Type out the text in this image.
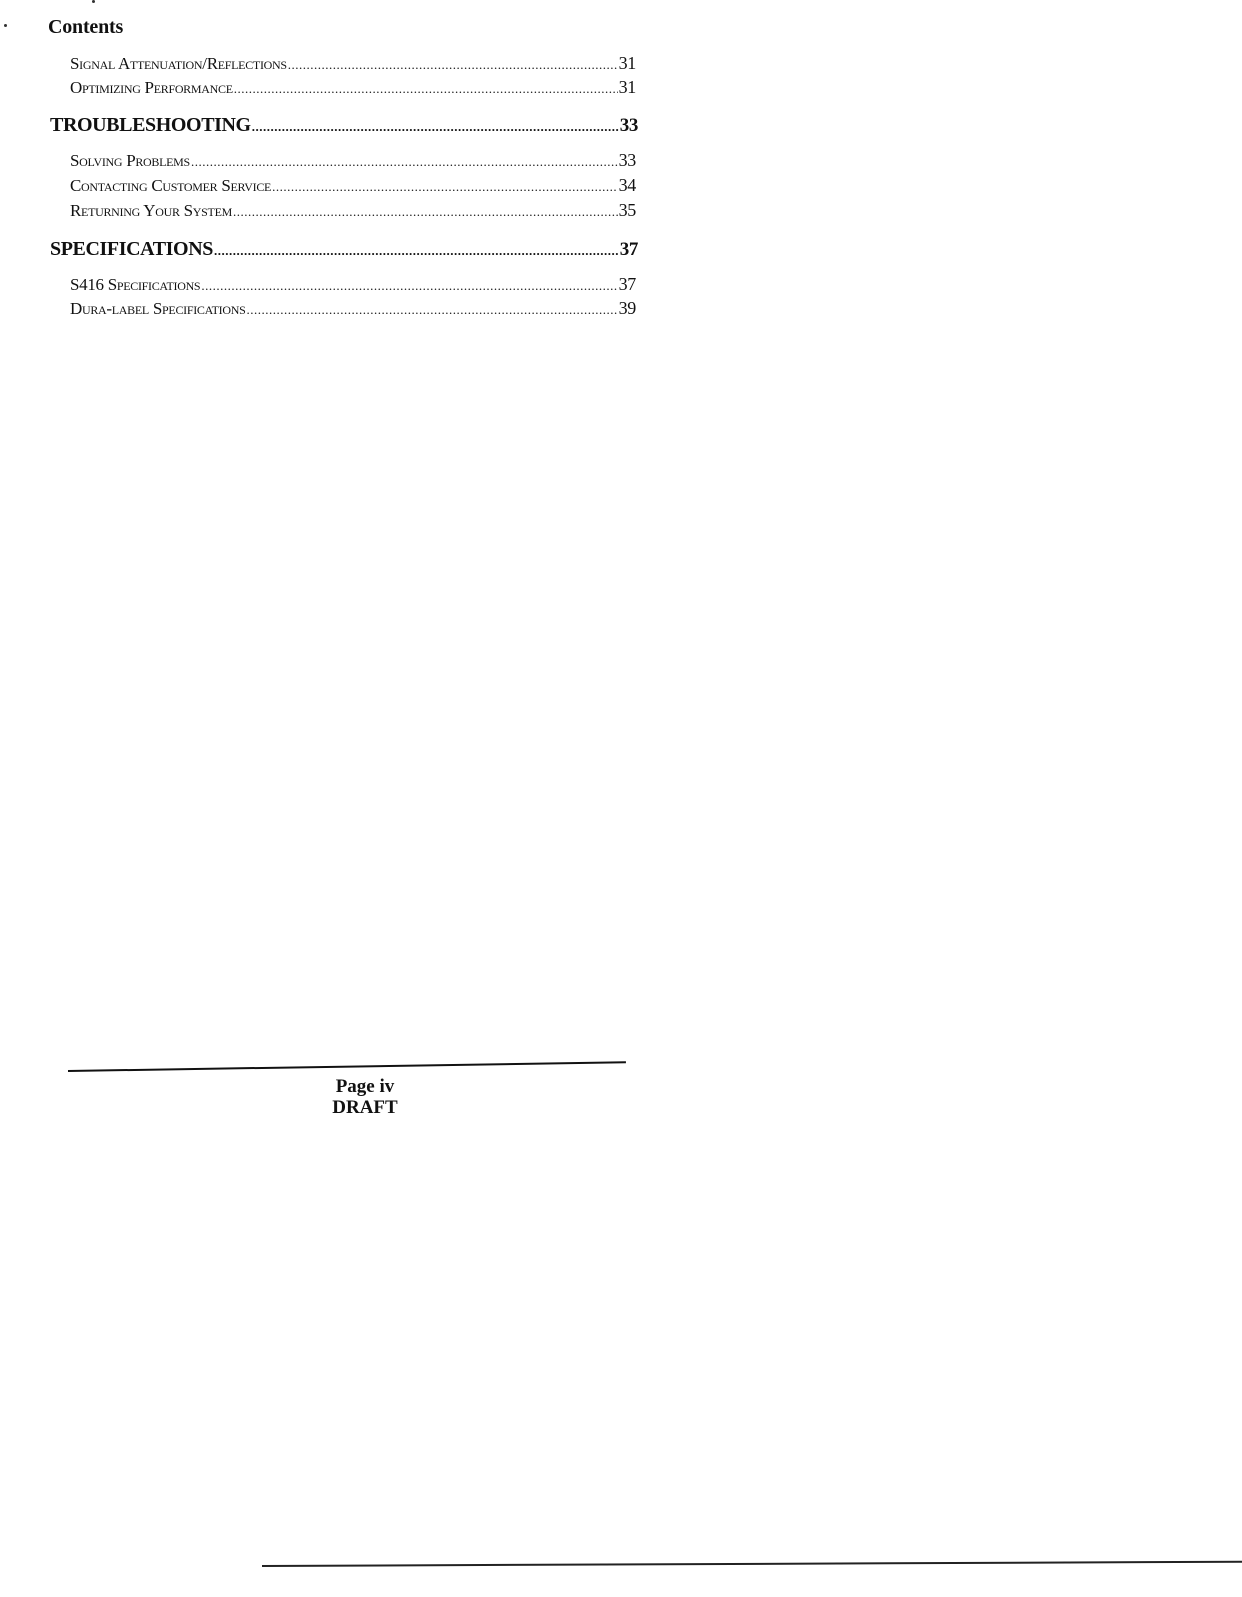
Contents
Signal Attenuation/Reflections .....	31
Optimizing Performance .....	31
TROUBLESHOOTING .....	33
Solving Problems .....	33
Contacting Customer Service .....	34
Returning Your System .....	35
SPECIFICATIONS .....	37
S416 Specifications .....	37
Dura-label Specifications .....	39
Page iv
DRAFT
